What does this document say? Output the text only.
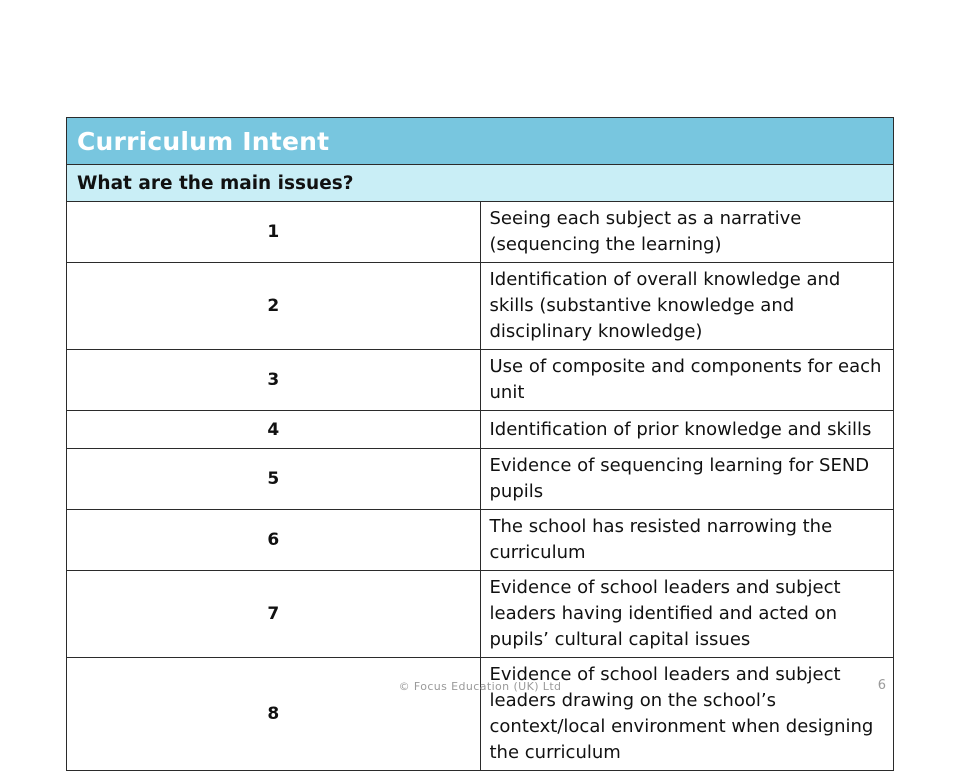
Curriculum Intent	
What are the main issues?	
1	Seeing each subject as a narrative (sequencing the learning)
2	Identification of overall knowledge and skills (substantive knowledge and disciplinary knowledge)
3	Use of composite and components for each unit
4	Identification of prior knowledge and skills
5	Evidence of sequencing learning for SEND pupils
6	The school has resisted narrowing the curriculum
7	Evidence of school leaders and subject leaders having identified and acted on pupils’ cultural capital issues
8	Evidence of school leaders and subject leaders drawing on the school’s context/local environment when designing the curriculum
© Focus Education (UK) Ltd	6
